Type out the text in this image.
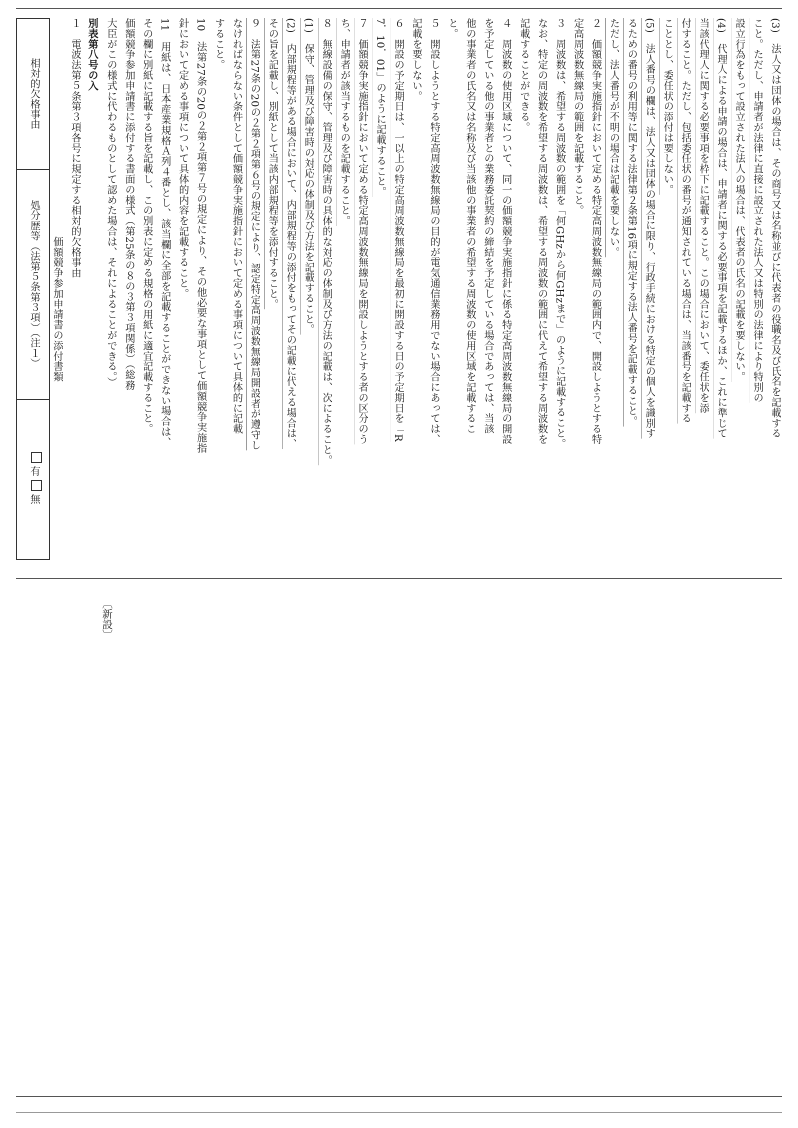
相対的欠格事由
処分歴等（法第５条第３項）（注１）
有  無
(3)　法人又は団体の場合は、その商号又は名称並びに代表者の役職名及び氏名を記載する
こと。ただし、申請者が法律に直接に設立された法人又は特別の法律により特別の
設立行為をもって設立された法人の場合は、代表者の氏名の記載を要しない。
(4)　代理人による申請の場合は、申請者に関する必要事項を記載するほか、これに準じて
当該代理人に関する必要事項を枠下に記載すること。この場合において、委任状を添
付すること。ただし、包括委任状の番号が通知されている場合は、当該番号を記載する
こととし、委任状の添付は要しない。
(5)　法人番号の欄は、法人又は団体の場合に限り、行政手続における特定の個人を識別す
るための番号の利用等に関する法律第２条第16項に規定する法人番号を記載すること。
ただし、法人番号が不明の場合は記載を要しない。
２　価額競争実施指針において定める特定高周波数無線局の範囲内で、開設しようとする特
定高周波数無線局の範囲を記載すること。
３　周波数は、希望する周波数の範囲を「何GHzから何GHzまで」のように記載すること。
なお、特定の周波数を希望する周波数は、希望する周波数の範囲に代えて希望する周波数を
記載することができる。
４　周波数の使用区域について、同一の価額競争実施指針に係る特定高周波数無線局の開設
を予定している他の事業者との業務委託契約の締結を予定している場合であっては、当該
他の事業者の氏名又は名称及び当該他の事業者の希望する周波数の使用区域を記載するこ
と。
５　開設しようとする特定高周波数無線局の目的が電気通信業務用でない場合にあっては、
記載を要しない。
６　開設の予定期日は、一以上の特定高周波数無線局を最初に開設する日の予定期日を「R
7．10．01」のように記載すること。
７　価額競争実施指針において定める特定高周波数無線局を開設しようとする者の区分のう
ち、申請者が該当するものを記載すること。
８　無線設備の保守、管理及び障害時の具体的な対応の体制及び方法の記載は、次によること。
(1)　保守、管理及び障害時の対応の体制及び方法を記載すること。
(2)　内部規程等がある場合において、内部規程等の添付をもってその記載に代える場合は、
その旨を記載し、別紙として当該内部規程等を添付すること。
９　法第27条の20の２第２項第６号の規定により、認定特定高周波数無線局開設者が遵守し
なければならない条件として価額競争実施指針において定める事項について具体的に記載
すること。
10　法第27条の20の２第２項第７号の規定により、その他必要な事項として価額競争実施指
針において定める事項について具体的内容を記載すること。
11　用紙は、日本産業規格Ａ列４番とし、該当欄に全部を記載することができない場合は、
その欄に別紙に記載する旨を記載し、この別表に定める規格の用紙に適宜記載すること。
価額競争参加申請書に添付する書面の様式（第25条の８の３第３項関係）（総務
大臣がこの様式に代わるものとして認めた場合は、それによることができる。）
別表第八号の入
１　電波法第５条第３項各号に規定する相対的欠格事由
　　　　　　　　　　　　　　　　　　　　　価額競争参加申請書の添付書類
〔新設〕
